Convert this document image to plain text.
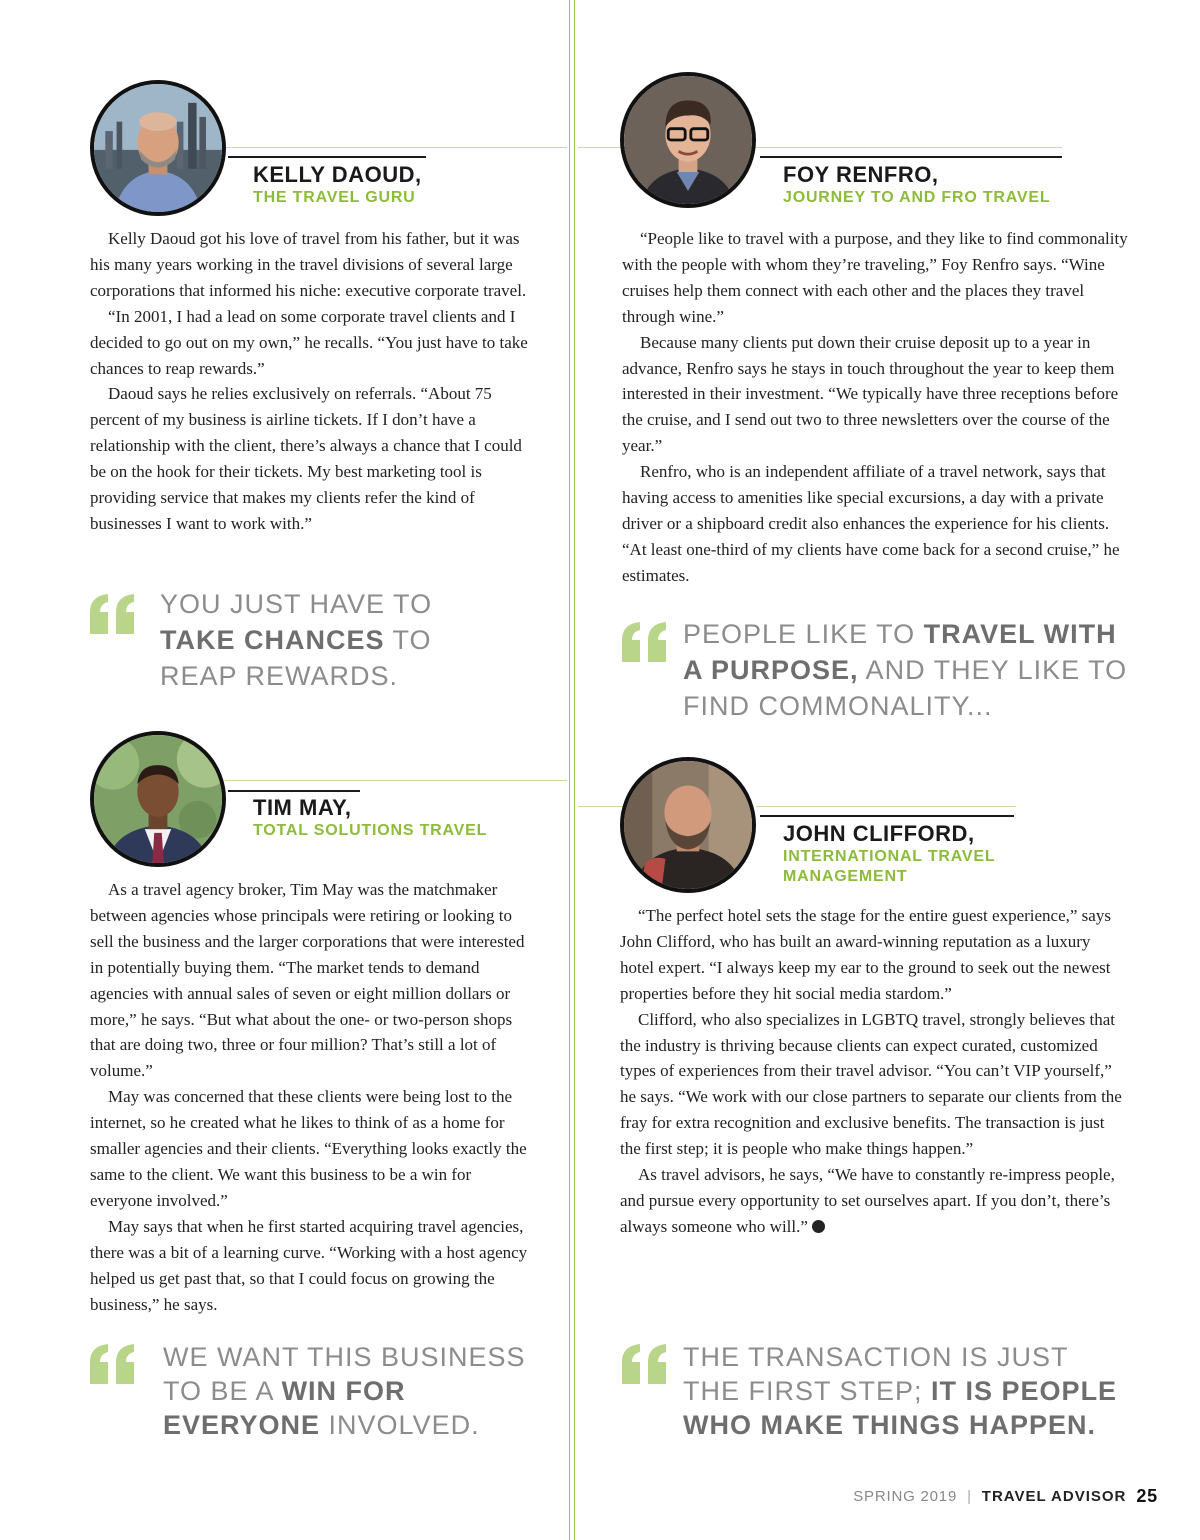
KELLY DAOUD,
THE TRAVEL GURU

Kelly Daoud got his love of travel from his father, but it was his many years working in the travel divisions of several large corporations that informed his niche: executive corporate travel.

“In 2001, I had a lead on some corporate travel clients and I decided to go out on my own,” he recalls. “You just have to take chances to reap rewards.”

Daoud says he relies exclusively on referrals. “About 75 percent of my business is airline tickets. If I don’t have a relationship with the client, there’s always a chance that I could be on the hook for their tickets. My best marketing tool is providing service that makes my clients refer the kind of businesses I want to work with.”

YOU JUST HAVE TO
TAKE CHANCES TO
REAP REWARDS.
FOY RENFRO,
JOURNEY TO AND FRO TRAVEL

“People like to travel with a purpose, and they like to find commonality with the people with whom they’re traveling,” Foy Renfro says. “Wine cruises help them connect with each other and the places they travel through wine.”

Because many clients put down their cruise deposit up to a year in advance, Renfro says he stays in touch throughout the year to keep them interested in their investment. “We typically have three receptions before the cruise, and I send out two to three newsletters over the course of the year.”

Renfro, who is an independent affiliate of a travel network, says that having access to amenities like special excursions, a day with a private driver or a shipboard credit also enhances the experience for his clients. “At least one-third of my clients have come back for a second cruise,” he estimates.

PEOPLE LIKE TO TRAVEL WITH
A PURPOSE, AND THEY LIKE TO
FIND COMMONALITY...
TIM MAY,
TOTAL SOLUTIONS TRAVEL

As a travel agency broker, Tim May was the matchmaker between agencies whose principals were retiring or looking to sell the business and the larger corporations that were interested in potentially buying them. “The market tends to demand agencies with annual sales of seven or eight million dollars or more,” he says. “But what about the one- or two-person shops that are doing two, three or four million? That’s still a lot of volume.”

May was concerned that these clients were being lost to the internet, so he created what he likes to think of as a home for smaller agencies and their clients. “Everything looks exactly the same to the client. We want this business to be a win for everyone involved.”

May says that when he first started acquiring travel agencies, there was a bit of a learning curve. “Working with a host agency helped us get past that, so that I could focus on growing the business,” he says.

WE WANT THIS BUSINESS
TO BE A WIN FOR
EVERYONE INVOLVED.
JOHN CLIFFORD,
INTERNATIONAL TRAVEL
MANAGEMENT

“The perfect hotel sets the stage for the entire guest experience,” says John Clifford, who has built an award-winning reputation as a luxury hotel expert. “I always keep my ear to the ground to seek out the newest properties before they hit social media stardom.”

Clifford, who also specializes in LGBTQ travel, strongly believes that the industry is thriving because clients can expect curated, customized types of experiences from their travel advisor. “You can’t VIP yourself,” he says. “We work with our close partners to separate our clients from the fray for extra recognition and exclusive benefits. The transaction is just the first step; it is people who make things happen.”

As travel advisors, he says, “We have to constantly re-impress people, and pursue every opportunity to set ourselves apart. If you don’t, there’s always someone who will.”

THE TRANSACTION IS JUST
THE FIRST STEP; IT IS PEOPLE
WHO MAKE THINGS HAPPEN.
SPRING 2019 | TRAVEL ADVISOR 25
